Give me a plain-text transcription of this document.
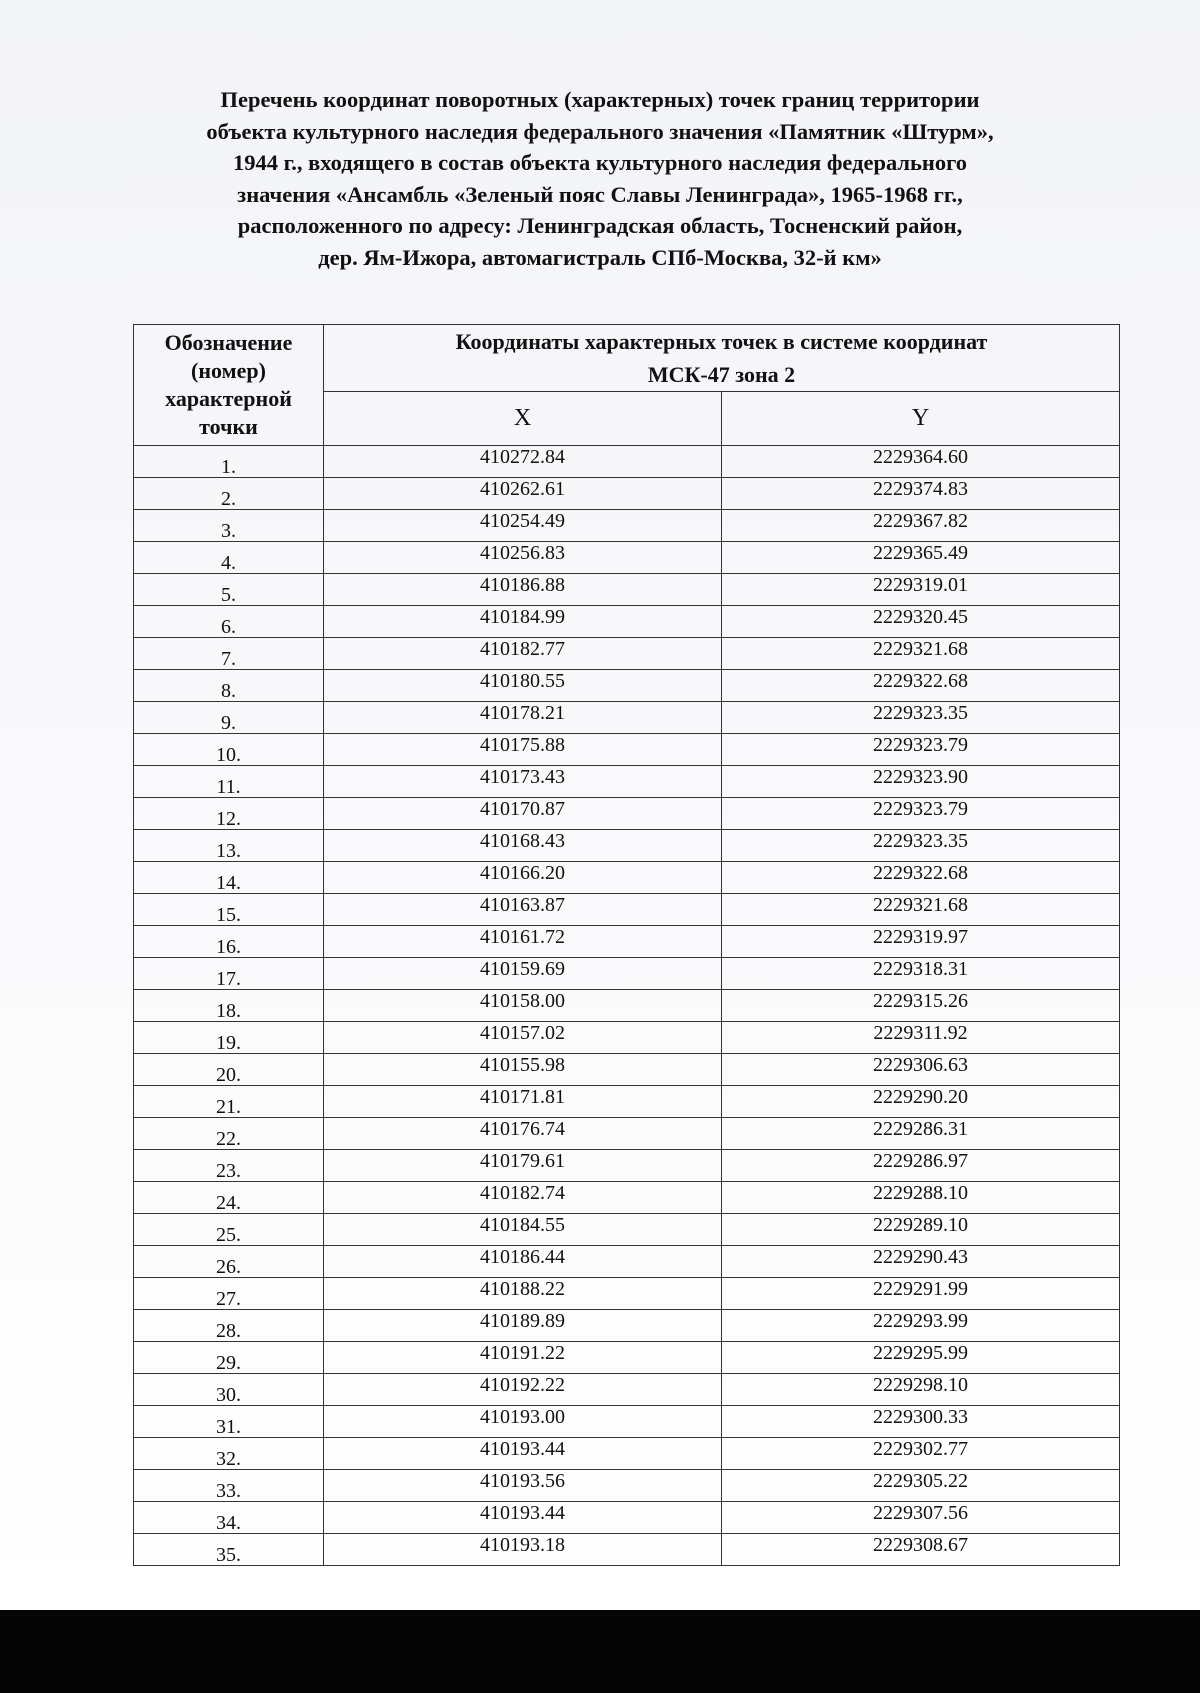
Перечень координат поворотных (характерных) точек границ территории
объекта культурного наследия федерального значения «Памятник «Штурм»,
1944 г., входящего в состав объекта культурного наследия федерального
значения «Ансамбль «Зеленый пояс Славы Ленинграда», 1965-1968 гг.,
расположенного по адресу: Ленинградская область, Тосненский район,
дер. Ям-Ижора, автомагистраль СПб-Москва, 32-й км»
Обозначение
(номер)
характерной
точки	Координаты характерных точек в системе координат
МСК-47 зона 2	
	X	Y
1.	410272.84	2229364.60
2.	410262.61	2229374.83
3.	410254.49	2229367.82
4.	410256.83	2229365.49
5.	410186.88	2229319.01
6.	410184.99	2229320.45
7.	410182.77	2229321.68
8.	410180.55	2229322.68
9.	410178.21	2229323.35
10.	410175.88	2229323.79
11.	410173.43	2229323.90
12.	410170.87	2229323.79
13.	410168.43	2229323.35
14.	410166.20	2229322.68
15.	410163.87	2229321.68
16.	410161.72	2229319.97
17.	410159.69	2229318.31
18.	410158.00	2229315.26
19.	410157.02	2229311.92
20.	410155.98	2229306.63
21.	410171.81	2229290.20
22.	410176.74	2229286.31
23.	410179.61	2229286.97
24.	410182.74	2229288.10
25.	410184.55	2229289.10
26.	410186.44	2229290.43
27.	410188.22	2229291.99
28.	410189.89	2229293.99
29.	410191.22	2229295.99
30.	410192.22	2229298.10
31.	410193.00	2229300.33
32.	410193.44	2229302.77
33.	410193.56	2229305.22
34.	410193.44	2229307.56
35.	410193.18	2229308.67
